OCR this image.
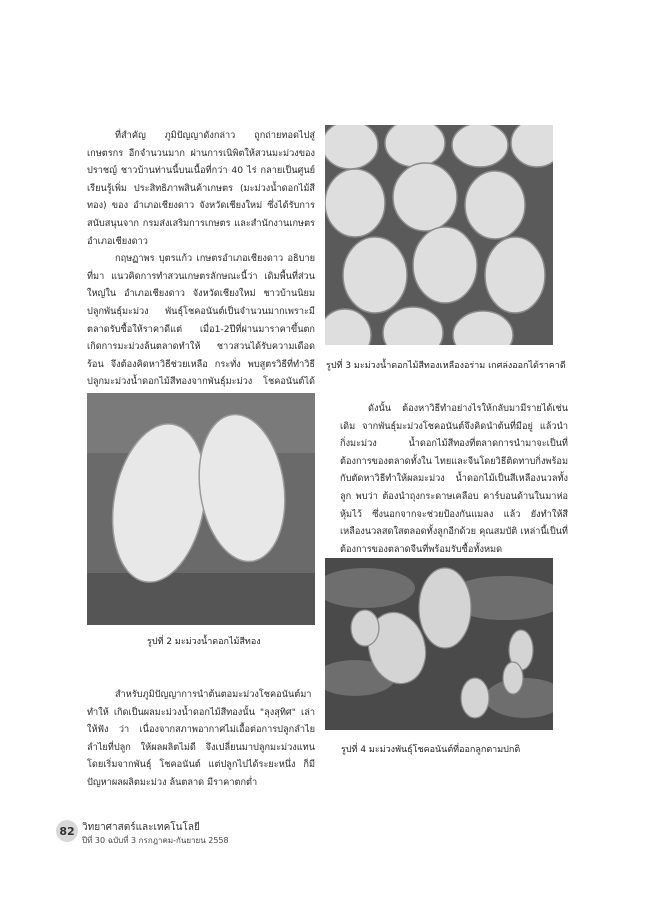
ที่สำคัญ ภูมิปัญญาดังกล่าว ถูกถ่ายทอดไปสู่เกษตรกร อีกจำนวนมาก ผ่านการเนิพิตให้สวนมะม่วงของปราชญ์ ชาวบ้านท่านนี้บนเนื้อที่กว่า 40 ไร่ กลายเป็นศูนย์เรียนรู้เพิ่ม ประสิทธิภาพสินค้าเกษตร (มะม่วงน้ำดอกไม้สีทอง) ของ อำเภอเชียงดาว จังหวัดเชียงใหม่ ซึ่งได้รับการสนับสนุนจาก กรมส่งเสริมการเกษตร และสำนักงานเกษตรอำเภอเชียงดาว

กฤษฏาพร บุตรแก้ว เกษตรอำเภอเชียงดาว อธิบายที่มา แนวคิดการทำสวนเกษตรลักษณะนี้ว่า เดิมพื้นที่ส่วนใหญ่ใน อำเภอเชียงดาว จังหวัดเชียงใหม่ ชาวบ้านนิยมปลูกพันธุ์มะม่วง พันธุ์โชคอนันต์เป็นจำนวนมากเพราะมีตลาดรับซื้อให้ราคาดีแต่ เมื่อ1-2ปีที่ผ่านมาราคาขึ้นตก เกิดการมะม่วงล้นตลาดทำให้ ชาวสวนได้รับความเดือดร้อน จึงต้องคิดหาวิธีช่วยเหลือ กระทั่ง พบสูตรวิธีที่ทำวิธีปลูกมะม่วงน้ำดอกไม้สีทองจากพันธุ์มะม่วง โชคอนันต์ได้

ดังนั้น ต้องหาวิธีทำอย่างไรให้กลับมามีรายได้เช่นเดิม จากพันธุ์มะม่วงโชคอนันต์จึงคิดนำต้นที่มีอยู่ แล้วนำกิ่งมะม่วง น้ำดอกไม้สีทองที่ตลาดการนำมาจะเป็นที่ต้องการของตลาดทั้งใน ไทยและจีนโดยวิธีติดทาบกิ่งพร้อมกับตัดหาวิธีทำให้ผลมะม่วง น้ำดอกไม้เป็นสีเหลืองนวลทั้งลูก พบว่า ต้องนำถุงกระดาษเคลือบ คาร์บอนด้านในมาห่อหุ้มไว้ ซึ่งนอกจากจะช่วยป้องกันแมลง แล้ว ยังทำให้สีเหลืองนวลสดใสตลอดทั้งลูกอีกด้วย คุณสมบัติ เหล่านี้เป็นที่ต้องการของตลาดจีนที่พร้อมรับซื้อทั้งหมด

สำหรับภูมิปัญญาการนำต้นตอมะม่วงโชคอนันต์มาทำให้ เกิดเป็นผลมะม่วงน้ำดอกไม้สีทองนั้น "ลุงสุทิศ" เล่าให้ฟัง ว่า เนื่องจากสภาพอากาศไม่เอื้อต่อการปลูกลำไย ลำไยที่ปลูก ให้ผลผลิตไม่ดี จึงเปลี่ยนมาปลูกมะม่วงแทน โดยเริ่มจากพันธุ์ โชคอนันต์ แต่ปลูกไปได้ระยะหนึ่ง ก็มีปัญหาผลผลิตมะม่วง ล้นตลาด มีราคาตกต่ำ

รูปที่ 3 มะม่วงน้ำดอกไม้สีทองเหลืองอร่าม เกศล่งออกได้ราคาดี
รูปที่ 2 มะม่วงน้ำดอกไม้สีทอง
รูปที่ 4 มะม่วงพันธุ์โชคอนันต์ที่ออกลูกตามปกติ
82 วิทยาศาสตร์และเทคโนโลยี
ปีที่ 30 ฉบับที่ 3 กรกฎาคม-กันยายน 2558
